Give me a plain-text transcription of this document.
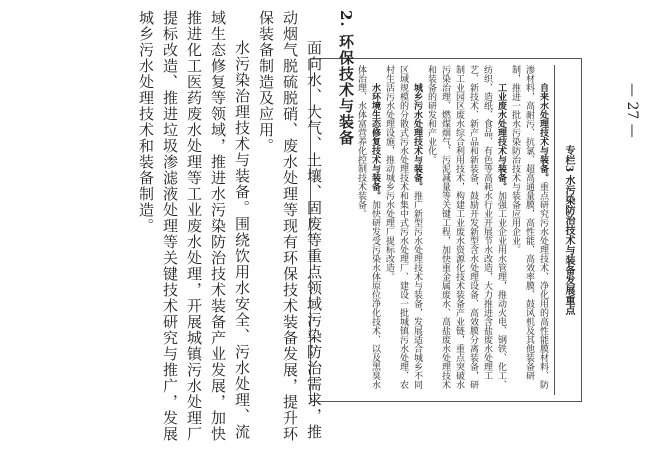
— 27 —
专栏3 水污染防治技术与装备发展重点

自来水处理技术与装备。重点研究污水处理技术、净化用的高性能膜材料、防渗材料，高耐污、抗氯、超高通量膜，高性能、高效率膜、鼓风机及其他装备研制，推进一批水污染防治技术与装备应用企业。

工业废水处理技术与装备。加强工业企业用水管理，推动火电、钢铁、化工、纺织、造纸、食品、有色等高耗水行业开展节水改造，大力推进含盐废水处理工艺、新技术、新产品和新装备，鼓励开发新型含水处理设备、高效膜分离装备，研制工业园区废水综合利用技术，构建工业废水资源化技术装备产业链，重点突破水污染治理、燃煤烟气、污泥减量等关键工程，加快重金属废水、高盐废水处理技术和装备的研发和产业化。

城乡污水处理技术与装备。推广新型污水处理技术与装备，发展适合城乡不同区域规模的分散式污水处理技术和集中式污水处理厂、建设一批城镇污水处理、农村生活污水处理设施，推动城乡污水处理厂提标改造。

水环境生态修复技术与装备。加快研发受污染水体原位净化技术、以及黑臭水体治理、水体富营养化控制技术装备。

2. 环保技术与装备
面向水、大气、土壤、固废等重点领域污染防治需求，推动烟气脱硫脱硝、废水处理等现有环保技术装备发展，提升环保装备制造及应用。
水污染治理技术与装备。围绕饮用水安全、污水处理、流域生态修复等领域，推进水污染防治技术装备产业发展，加快推进化工医药废水处理等工业废水处理，开展城镇污水处理厂提标改造、推进垃圾渗滤液处理等关键技术研究与推广，发展城乡污水处理技术和装备制造。
